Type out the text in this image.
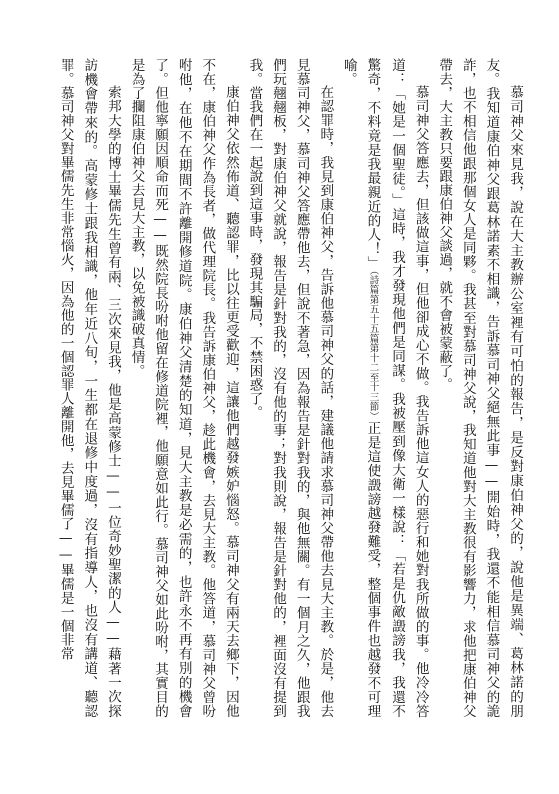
慕司神父來見我，說在大主教辦公室裡有可怕的報告，是反對康伯神父的，說他是異端、葛林諾的朋友。我知道康伯神父跟葛林諾素不相識，告訴慕司神父絕無此事——開始時，我還不能相信慕司神父的詭詐，也不相信他跟那個女人是同夥。我甚至對慕司神父說，我知道他對大主教很有影響力，求他把康伯神父帶去，大主教只要跟康伯神父談過，就不會被蒙蔽了。

慕司神父答應去，但該做這事，但他卻成心不做。我告訴他這女人的惡行和她對我所做的事。他冷冷答道：「她是一個聖徒。」這時，我才發現他們是同謀。我被壓到像大衛一樣說：「若是仇敵譭謗我，我還不驚奇，不料竟是我最親近的人！」（詩篇第五十五篇第十二至十三節）正是這使譭謗越發難受，整個事件也越發不可理喻。

在認罪時，我見到康伯神父，告訴他慕司神父的話，建議他請求慕司神父帶他去見大主教。於是，他去見慕司神父，慕司神父答應帶他去，但說不著急，因為報告是針對我的，與他無關。有一個月之久，他跟我們玩翹翹板，對康伯神父就說，報告是針對我的，沒有他的事；對我則說，報告是針對他的，裡面沒有提到我。當我們在一起說到這事時，發現其騙局，不禁困惑了。

康伯神父依然佈道、聽認罪，比以往更受歡迎，這讓他們越發嫉妒惱怒。慕司神父有兩天去鄉下，因他不在，康伯神父作為長者，做代理院長。我告訴康伯神父，趁此機會，去見大主教。他答道，慕司神父曾吩咐他，在他不在期間不許離開修道院。康伯神父清楚的知道，見大主教是必需的，也許永不再有別的機會了。但他寧願因順命而死——既然院長吩咐他留在修道院裡，他願意如此行。慕司神父如此吩咐，其實目的是為了攔阻康伯神父去見大主教，以免被識破真情。

索邦大學的博士畢儒先生曾有兩、三次來見我，他是高蒙修士——一位奇妙聖潔的人——藉著一次探訪機會帶來的。高蒙修士跟我相識，他年近八旬，一生都在退修中度過，沒有指導人，也沒有講道、聽認罪。慕司神父對畢儒先生非常惱火，因為他的一個認罪人離開他，去見畢儒了——畢儒是一個非常
